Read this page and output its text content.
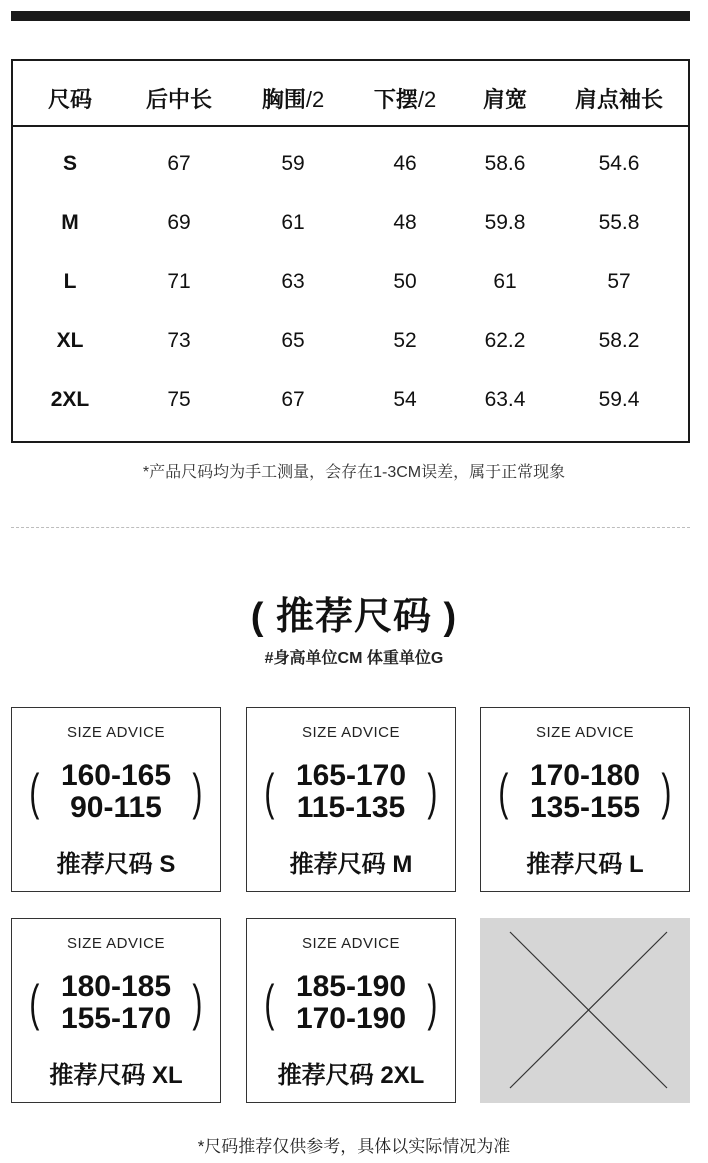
尺码 后中长 胸围/2 下摆/2 肩宽 肩点袖长
S	67	59	46	58.6	54.6
M	69	61	48	59.8	55.8
L	71	63	50	61	57
XL	73	65	52	62.2	58.2
2XL	75	67	54	63.4	59.4
*产品尺码均为手工测量，会存在1-3CM误差，属于正常现象
( 推荐尺码 )
#身高单位CM 体重单位G
SIZE ADVICE
( 160-165
90-115 )
推荐尺码 S
SIZE ADVICE
( 165-170
115-135 )
推荐尺码 M
SIZE ADVICE
( 170-180
135-155 )
推荐尺码 L
SIZE ADVICE
( 180-185
155-170 )
推荐尺码 XL
SIZE ADVICE
( 185-190
170-190 )
推荐尺码 2XL
*尺码推荐仅供参考，具体以实际情况为准
